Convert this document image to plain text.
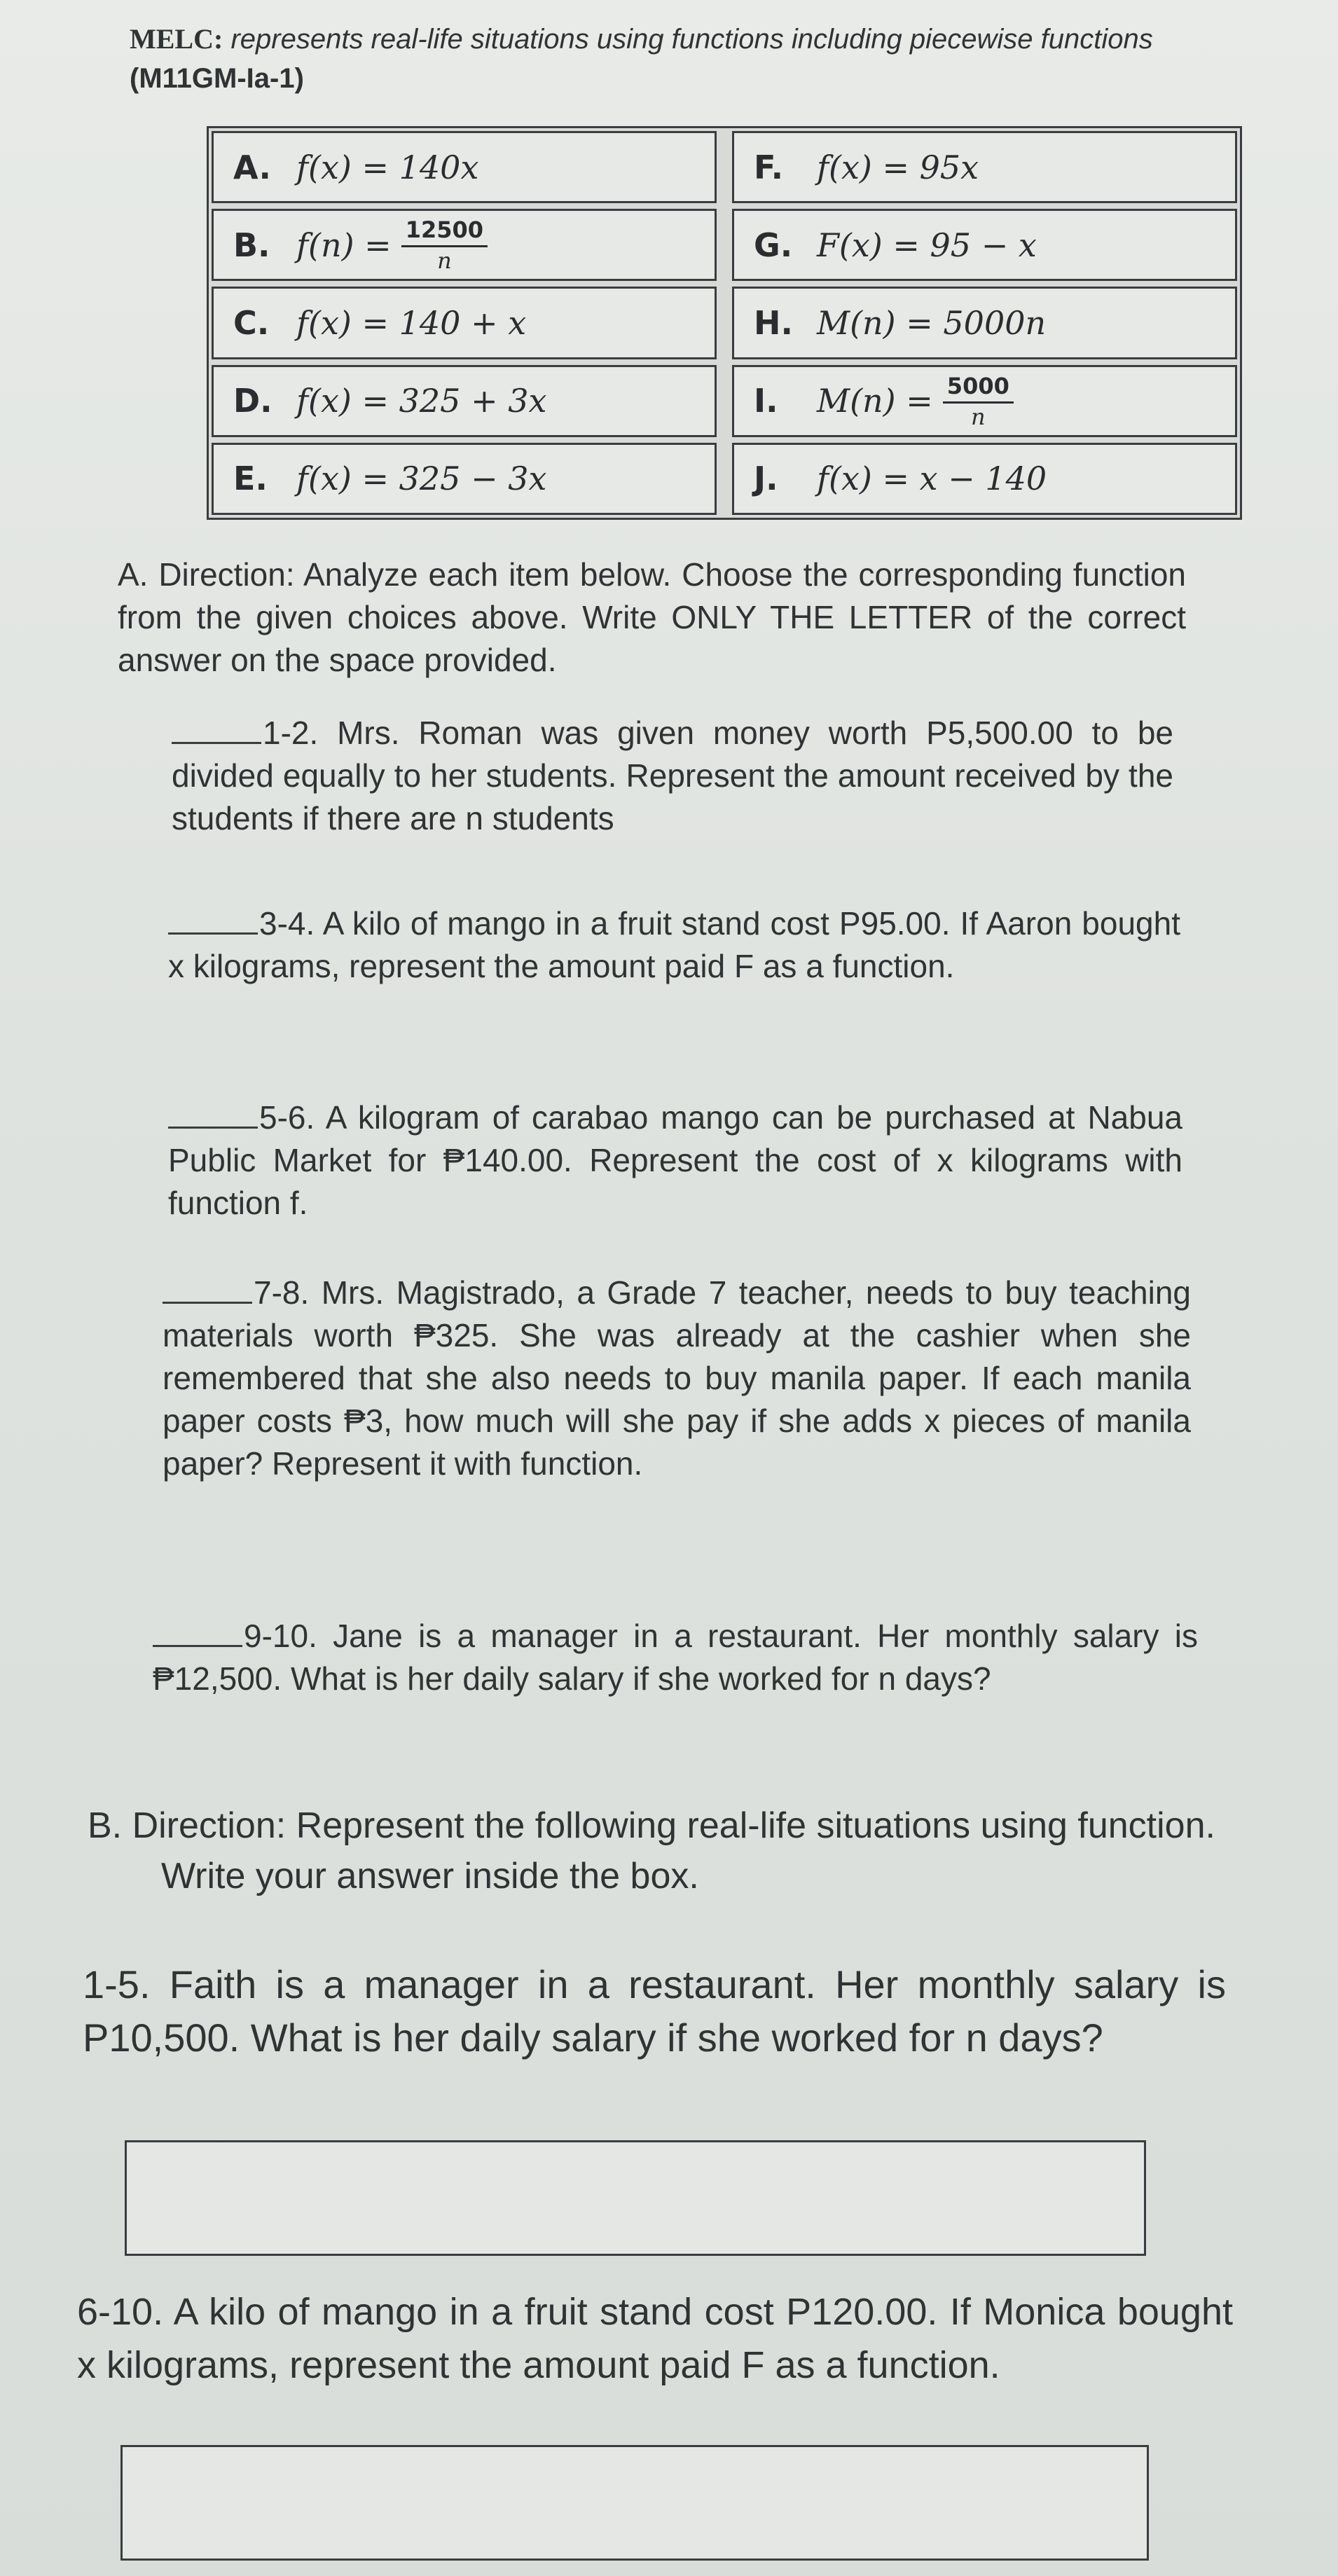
MELC: represents real-life situations using functions including piecewise functions (M11GM-Ia-1)
A. f(x) = 140x	F.	f(x) = 95x
B. $f(n) = \frac{12500}{n}$	G. F(x) = 95 − x
C. f(x) = 140 + x	H. M(n) = 5000n
D. f(x) = 325 + 3x	I.	$M(n) = \frac{5000}{n}$
E. f(x) = 325 − 3x	J.	f(x) = x − 140
A. Direction: Analyze each item below. Choose the corresponding function from the given choices above. Write ONLY THE LETTER of the correct answer on the space provided.
1-2. Mrs. Roman was given money worth P5,500.00 to be divided equally to her students. Represent the amount received by the students if there are n students
3-4. A kilo of mango in a fruit stand cost P95.00. If Aaron bought x kilograms, represent the amount paid F as a function.
5-6. A kilogram of carabao mango can be purchased at Nabua Public Market for ₱140.00. Represent the cost of x kilograms with function f.
7-8. Mrs. Magistrado, a Grade 7 teacher, needs to buy teaching materials worth ₱325. She was already at the cashier when she remembered that she also needs to buy manila paper. If each manila paper costs ₱3, how much will she pay if she adds x pieces of manila paper? Represent it with function.
9-10. Jane is a manager in a restaurant. Her monthly salary is ₱12,500. What is her daily salary if she worked for n days?
B. Direction: Represent the following real-life situations using function. Write your answer inside the box.
1-5. Faith is a manager in a restaurant. Her monthly salary is P10,500. What is her daily salary if she worked for n days?
6-10. A kilo of mango in a fruit stand cost P120.00. If Monica bought x kilograms, represent the amount paid F as a function.
